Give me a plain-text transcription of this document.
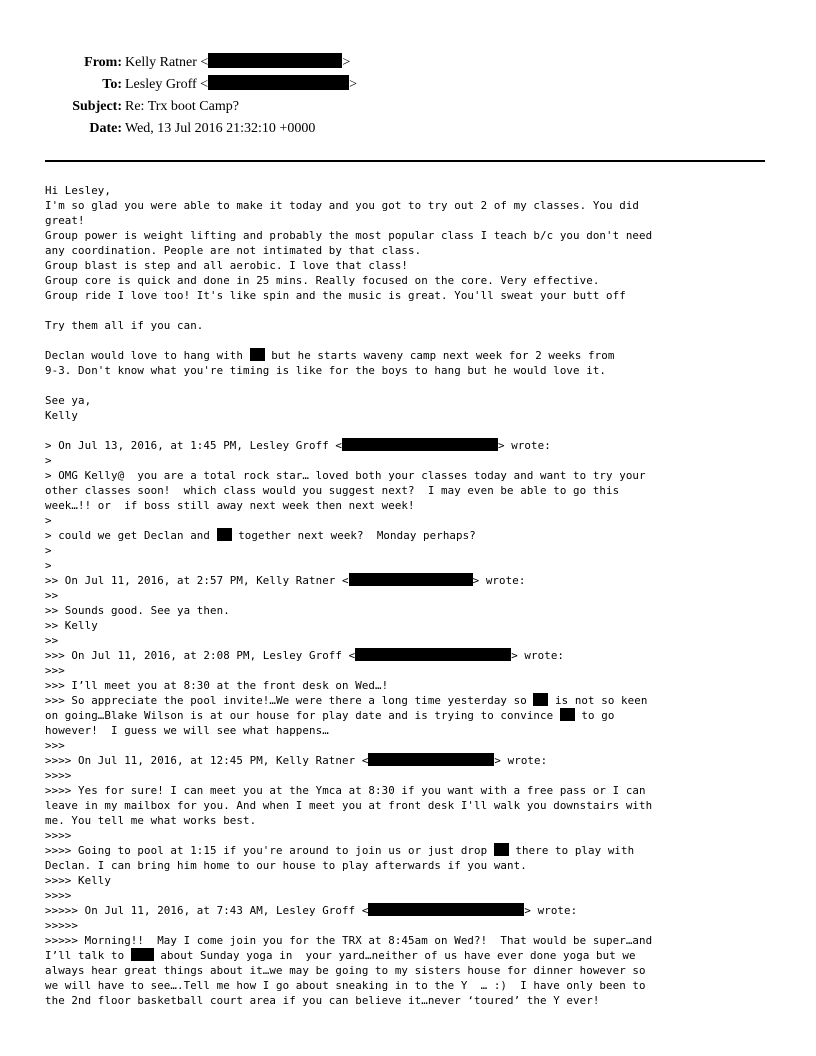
From: Kelly Ratner <	>
To: Lesley Groff <	>
Subject: Re: Trx boot Camp?
Date: Wed, 13 Jul 2016 21:32:10 +0000
Hi Lesley,
I'm so glad you were able to make it today and you got to try out 2 of my classes. You did
great!
Group power is weight lifting and probably the most popular class I teach b/c you don't need
any coordination. People are not intimated by that class.
Group blast is step and all aerobic. I love that class!
Group core is quick and done in 25 mins. Really focused on the core. Very effective.
Group ride I love too! It's like spin and the music is great. You'll sweat your butt off
Try them all if you can.
Declan would love to hang with  but he starts waveny camp next week for 2 weeks from
9-3. Don't know what you're timing is like for the boys to hang but he would love it.
See ya,
Kelly
> On Jul 13, 2016, at 1:45 PM, Lesley Groff <	> wrote:
>
> OMG Kelly@  you are a total rock star… loved both your classes today and want to try your
other classes soon!  which class would you suggest next?  I may even be able to go this
week…!! or  if boss still away next week then next week!
>
> could we get Declan and  together next week?  Monday perhaps?
>
>
>> On Jul 11, 2016, at 2:57 PM, Kelly Ratner <	> wrote:
>>
>> Sounds good. See ya then.
>> Kelly
>>
>>> On Jul 11, 2016, at 2:08 PM, Lesley Groff <	> wrote:
>>>
>>> I’ll meet you at 8:30 at the front desk on Wed…!
>>> So appreciate the pool invite!…We were there a long time yesterday so  is not so keen
on going…Blake Wilson is at our house for play date and is trying to convince  to go
however!  I guess we will see what happens…
>>>
>>>> On Jul 11, 2016, at 12:45 PM, Kelly Ratner <	> wrote:
>>>>
>>>> Yes for sure! I can meet you at the Ymca at 8:30 if you want with a free pass or I can
leave in my mailbox for you. And when I meet you at front desk I'll walk you downstairs with
me. You tell me what works best.
>>>>
>>>> Going to pool at 1:15 if you're around to join us or just drop  there to play with
Declan. I can bring him home to our house to play afterwards if you want.
>>>> Kelly
>>>>
>>>>> On Jul 11, 2016, at 7:43 AM, Lesley Groff <	> wrote:
>>>>>
>>>>> Morning!!  May I come join you for the TRX at 8:45am on Wed?!  That would be super…and
I’ll talk to  about Sunday yoga in  your yard…neither of us have ever done yoga but we
always hear great things about it…we may be going to my sisters house for dinner however so
we will have to see….Tell me how I go about sneaking in to the Y  … :)  I have only been to
the 2nd floor basketball court area if you can believe it…never ‘toured’ the Y ever!
